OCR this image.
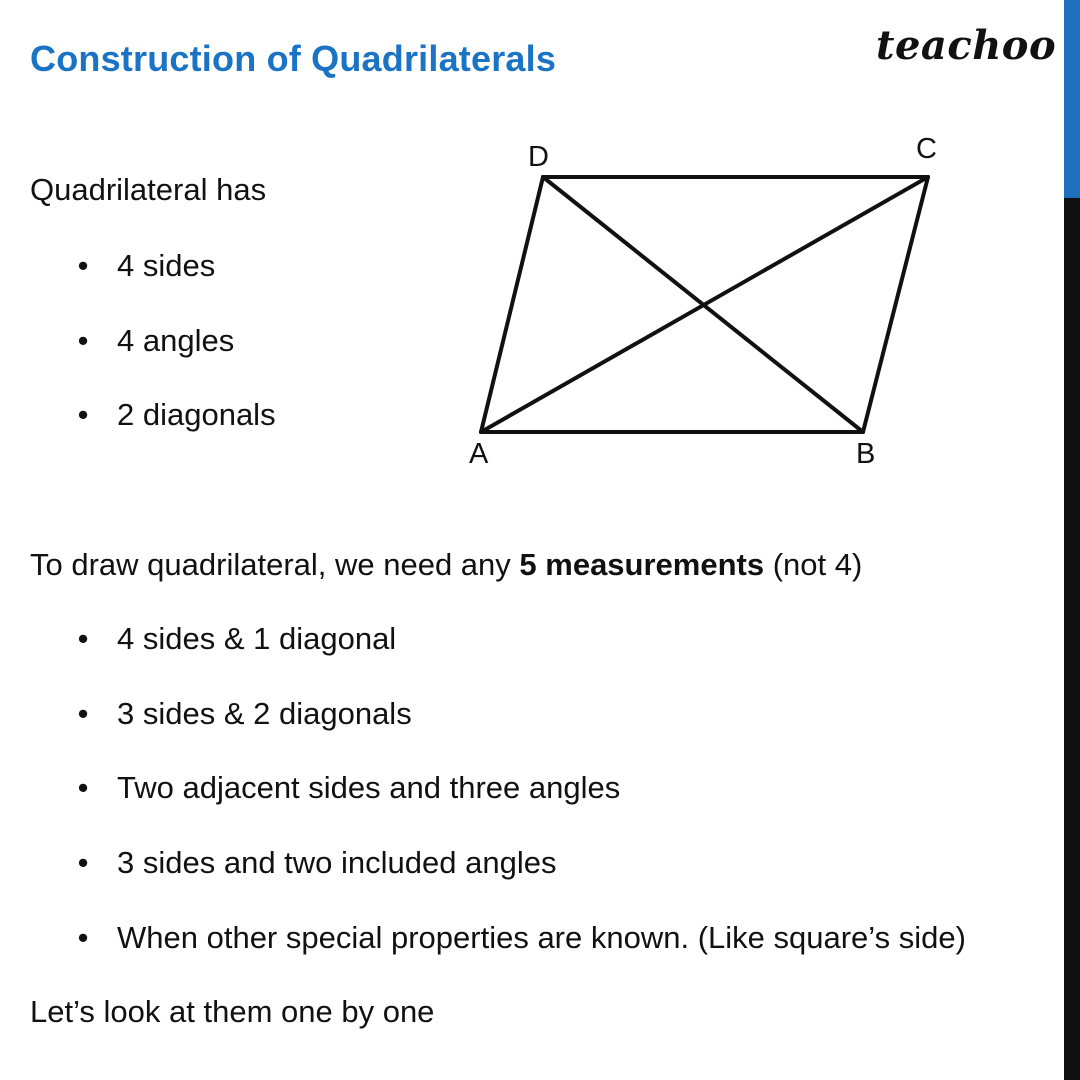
Construction of Quadrilaterals	teachoo
Quadrilateral has
• 4 sides
• 4 angles
• 2 diagonals
A	B
C
D
To draw quadrilateral, we need any 5 measurements (not 4)
• 4 sides & 1 diagonal
• 3 sides & 2 diagonals
• Two adjacent sides and three angles
• 3 sides and two included angles
• When other special properties are known. (Like square’s side)
Let’s look at them one by one
